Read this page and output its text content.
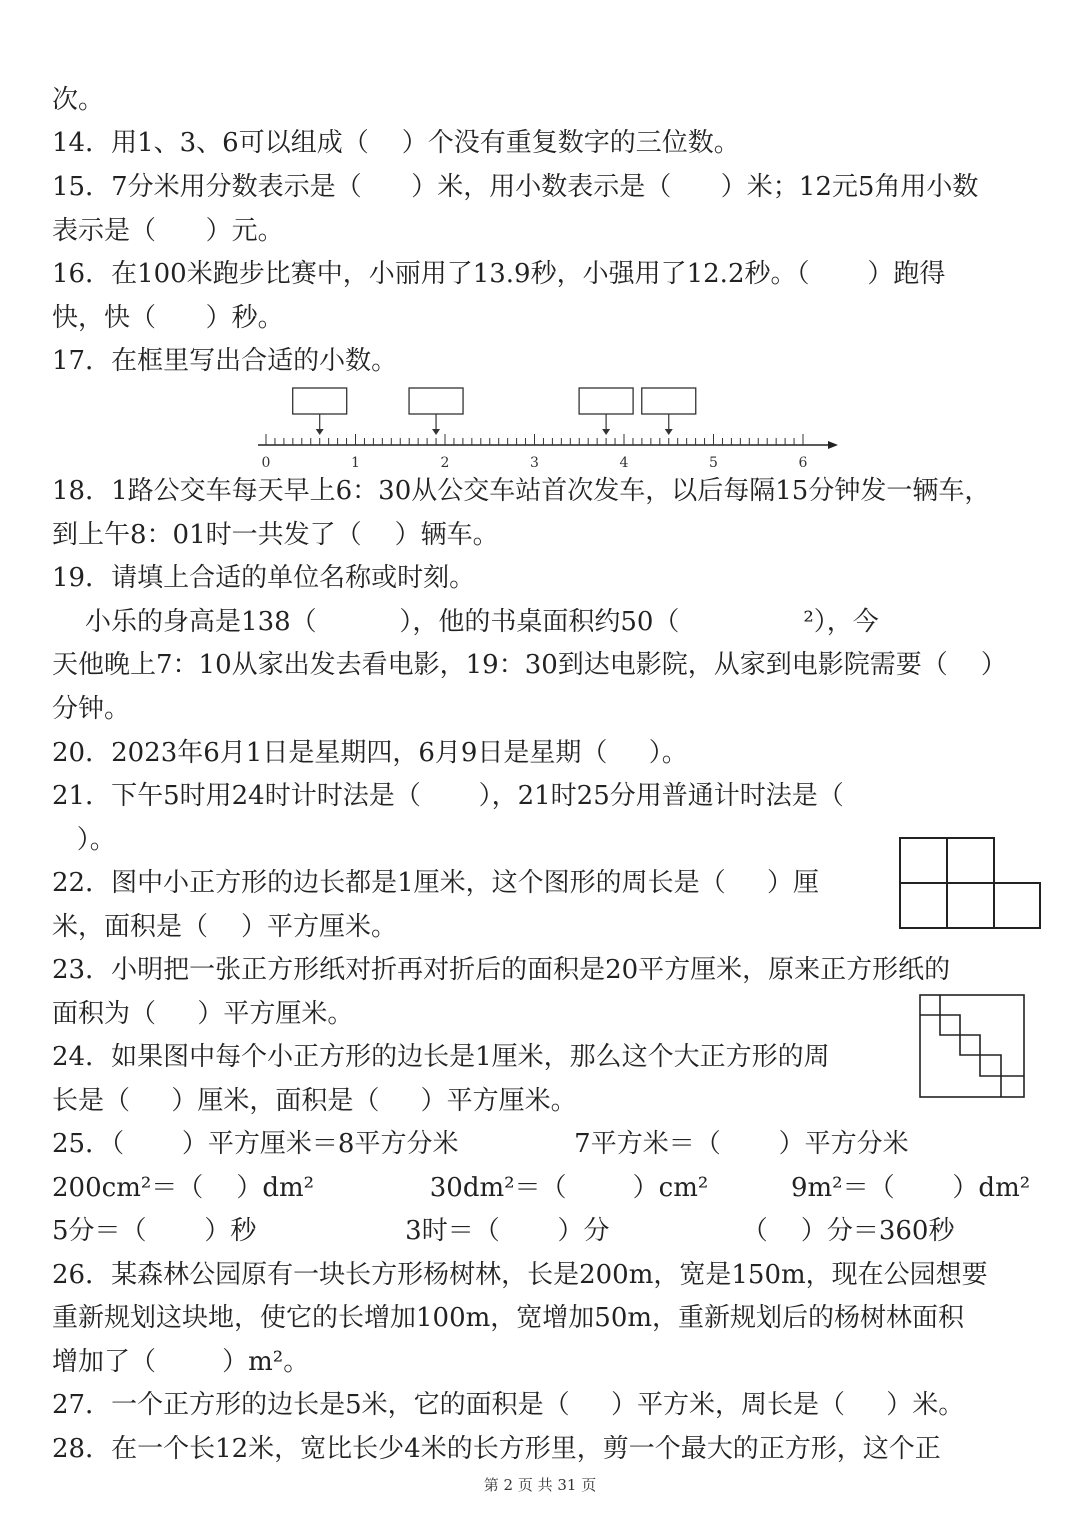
次。
14．用1、3、6可以组成（    ）个没有重复数字的三位数。
15．7分米用分数表示是（      ）米，用小数表示是（      ）米；12元5角用小数
表示是（      ）元。
16．在100米跑步比赛中，小丽用了13.9秒，小强用了12.2秒。（       ）跑得
快，快（      ）秒。
17．在框里写出合适的小数。
18．1路公交车每天早上6：30从公交车站首次发车，以后每隔15分钟发一辆车，
到上午8：01时一共发了（    ）辆车。
19．请填上合适的单位名称或时刻。
小乐的身高是138（          ），他的书桌面积约50（               ²），今
天他晚上7：10从家出发去看电影，19：30到达电影院，从家到电影院需要（    ）
分钟。
20．2023年6月1日是星期四，6月9日是星期（     ）。
21．下午5时用24时计时法是（       ），21时25分用普通计时法是（
）。
22．图中小正方形的边长都是1厘米，这个图形的周长是（     ）厘
米，面积是（    ）平方厘米。
23．小明把一张正方形纸对折再对折后的面积是20平方厘米，原来正方形纸的
面积为（     ）平方厘米。
24．如果图中每个小正方形的边长是1厘米，那么这个大正方形的周
长是（     ）厘米，面积是（     ）平方厘米。
25．（       ）平方厘米＝8平方分米              7平方米＝（       ）平方分米
200cm²＝（    ）dm²              30dm²＝（        ）cm²          9m²＝（       ）dm²
5分＝（       ）秒                  3时＝（       ）分                （    ）分＝360秒
26．某森林公园原有一块长方形杨树林，长是200m，宽是150m，现在公园想要
重新规划这块地，使它的长增加100m，宽增加50m，重新规划后的杨树林面积
增加了（        ）m²。
27．一个正方形的边长是5米，它的面积是（     ）平方米，周长是（     ）米。
28．在一个长12米，宽比长少4米的长方形里，剪一个最大的正方形，这个正
0	1	2	3	4	5	6
第 2 页 共 31 页
